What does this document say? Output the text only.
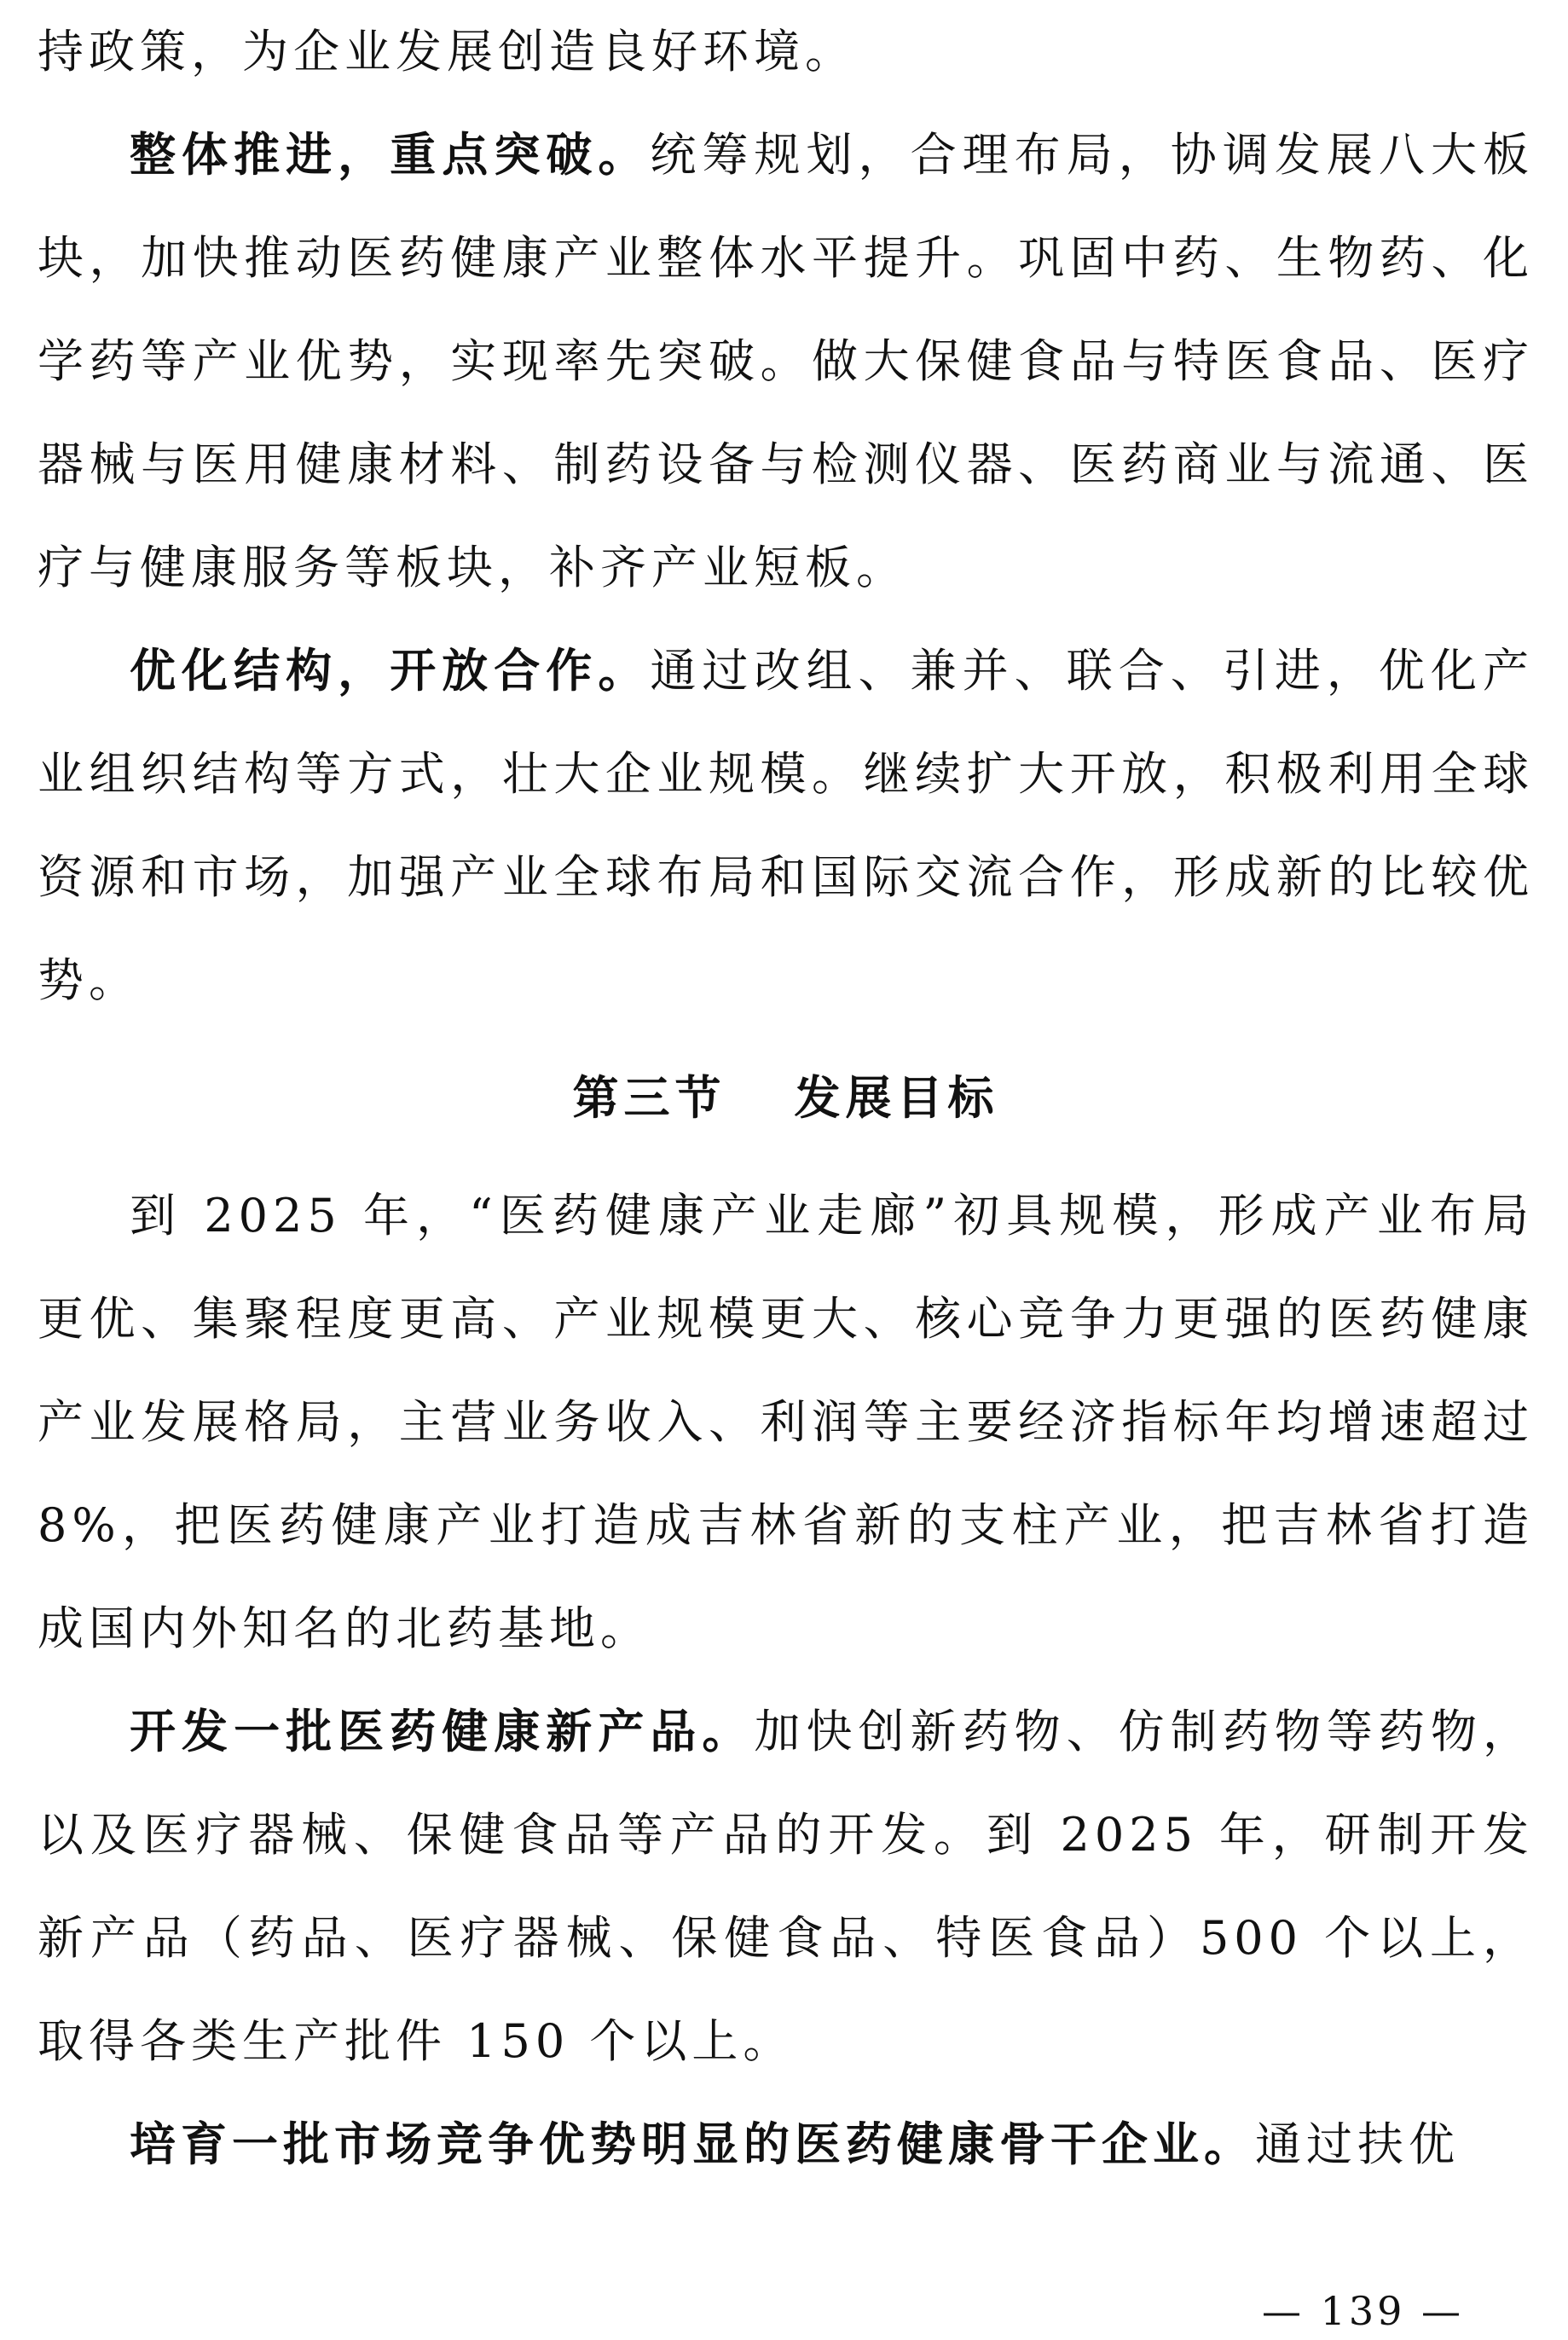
持政策，为企业发展创造良好环境。

整体推进，重点突破。统筹规划，合理布局，协调发展八大板块，加快推动医药健康产业整体水平提升。巩固中药、生物药、化学药等产业优势，实现率先突破。做大保健食品与特医食品、医疗器械与医用健康材料、制药设备与检测仪器、医药商业与流通、医疗与健康服务等板块，补齐产业短板。

优化结构，开放合作。通过改组、兼并、联合、引进，优化产业组织结构等方式，壮大企业规模。继续扩大开放，积极利用全球资源和市场，加强产业全球布局和国际交流合作，形成新的比较优势。

第三节 发展目标

到 2025 年，“医药健康产业走廊”初具规模，形成产业布局更优、集聚程度更高、产业规模更大、核心竞争力更强的医药健康产业发展格局，主营业务收入、利润等主要经济指标年均增速超过 8%，把医药健康产业打造成吉林省新的支柱产业，把吉林省打造成国内外知名的北药基地。

开发一批医药健康新产品。加快创新药物、仿制药物等药物，以及医疗器械、保健食品等产品的开发。到 2025 年，研制开发新产品（药品、医疗器械、保健食品、特医食品）500 个以上，取得各类生产批件 150 个以上。

培育一批市场竞争优势明显的医药健康骨干企业。通过扶优

— 139 —
